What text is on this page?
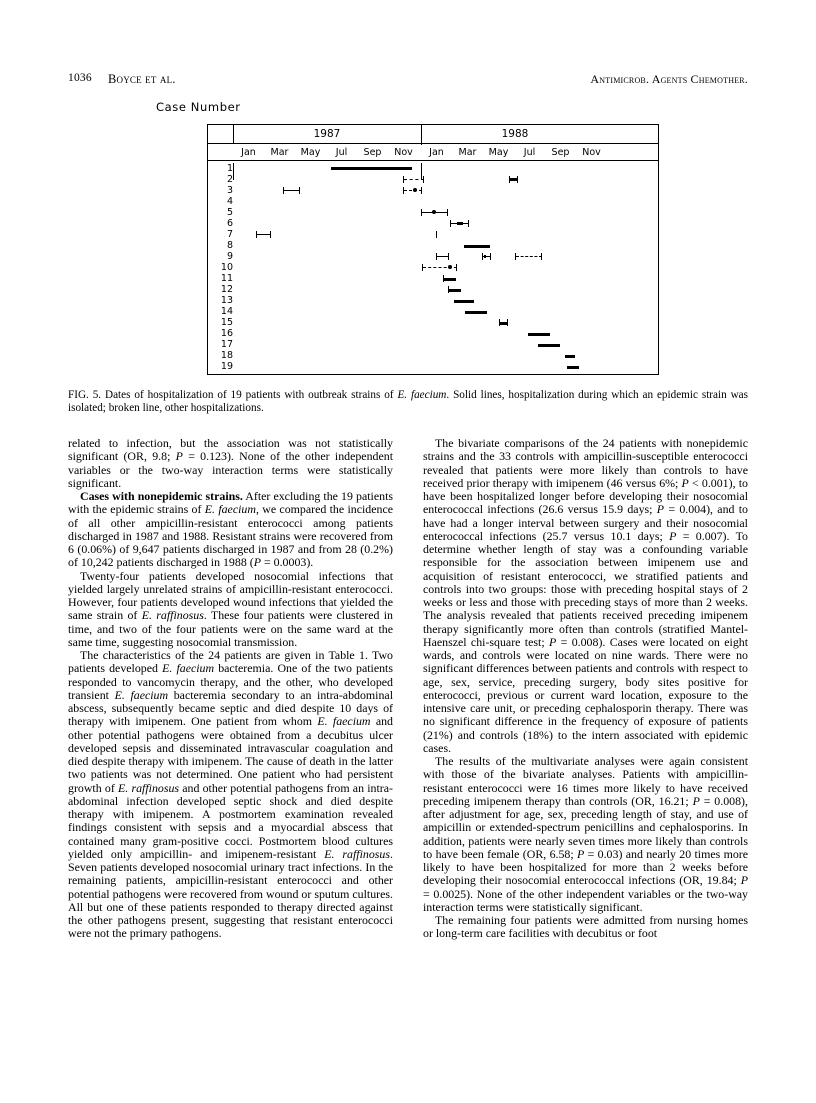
1036 Boyce et al.	Antimicrob. Agents Chemother.
Case Number
1987	1988
Jan	Mar	May	Jul	Sep	Nov	Jan	Mar	May	Jul	Sep	Nov
1
2
3
4
5
6
7
8
9
10
11
12
13
14
15
16
17
18
19
FIG. 5. Dates of hospitalization of 19 patients with outbreak strains of E. faecium. Solid lines, hospitalization during which an epidemic strain was isolated; broken line, other hospitalizations.

related to infection, but the association was not statistically significant (OR, 9.8; P = 0.123). None of the other independent variables or the two-way interaction terms were statistically significant.

Cases with nonepidemic strains. After excluding the 19 patients with the epidemic strains of E. faecium, we compared the incidence of all other ampicillin-resistant enterococci among patients discharged in 1987 and 1988. Resistant strains were recovered from 6 (0.06%) of 9,647 patients discharged in 1987 and from 28 (0.2%) of 10,242 patients discharged in 1988 (P = 0.0003).

Twenty-four patients developed nosocomial infections that yielded largely unrelated strains of ampicillin-resistant enterococci. However, four patients developed wound infections that yielded the same strain of E. raffinosus. These four patients were clustered in time, and two of the four patients were on the same ward at the same time, suggesting nosocomial transmission.

The characteristics of the 24 patients are given in Table 1. Two patients developed E. faecium bacteremia. One of the two patients responded to vancomycin therapy, and the other, who developed transient E. faecium bacteremia secondary to an intra-abdominal abscess, subsequently became septic and died despite 10 days of therapy with imipenem. One patient from whom E. faecium and other potential pathogens were obtained from a decubitus ulcer developed sepsis and disseminated intravascular coagulation and died despite therapy with imipenem. The cause of death in the latter two patients was not determined. One patient who had persistent growth of E. raffinosus and other potential pathogens from an intra-abdominal infection developed septic shock and died despite therapy with imipenem. A postmortem examination revealed findings consistent with sepsis and a myocardial abscess that contained many gram-positive cocci. Postmortem blood cultures yielded only ampicillin- and imipenem-resistant E. raffinosus. Seven patients developed nosocomial urinary tract infections. In the remaining patients, ampicillin-resistant enterococci and other potential pathogens were recovered from wound or sputum cultures. All but one of these patients responded to therapy directed against the other pathogens present, suggesting that resistant enterococci were not the primary pathogens.

The bivariate comparisons of the 24 patients with nonepidemic strains and the 33 controls with ampicillin-susceptible enterococci revealed that patients were more likely than controls to have received prior therapy with imipenem (46 versus 6%; P < 0.001), to have been hospitalized longer before developing their nosocomial enterococcal infections (26.6 versus 15.9 days; P = 0.004), and to have had a longer interval between surgery and their nosocomial enterococcal infections (25.7 versus 10.1 days; P = 0.007). To determine whether length of stay was a confounding variable responsible for the association between imipenem use and acquisition of resistant enterococci, we stratified patients and controls into two groups: those with preceding hospital stays of 2 weeks or less and those with preceding stays of more than 2 weeks. The analysis revealed that patients received preceding imipenem therapy significantly more often than controls (stratified Mantel-Haenszel chi-square test; P = 0.008). Cases were located on eight wards, and controls were located on nine wards. There were no significant differences between patients and controls with respect to age, sex, service, preceding surgery, body sites positive for enterococci, previous or current ward location, exposure to the intensive care unit, or preceding cephalosporin therapy. There was no significant difference in the frequency of exposure of patients (21%) and controls (18%) to the intern associated with epidemic cases.

The results of the multivariate analyses were again consistent with those of the bivariate analyses. Patients with ampicillin-resistant enterococci were 16 times more likely to have received preceding imipenem therapy than controls (OR, 16.21; P = 0.008), after adjustment for age, sex, preceding length of stay, and use of ampicillin or extended-spectrum penicillins and cephalosporins. In addition, patients were nearly seven times more likely than controls to have been female (OR, 6.58; P = 0.03) and nearly 20 times more likely to have been hospitalized for more than 2 weeks before developing their nosocomial enterococcal infections (OR, 19.84; P = 0.0025). None of the other independent variables or the two-way interaction terms were statistically significant.

The remaining four patients were admitted from nursing homes or long-term care facilities with decubitus or foot
